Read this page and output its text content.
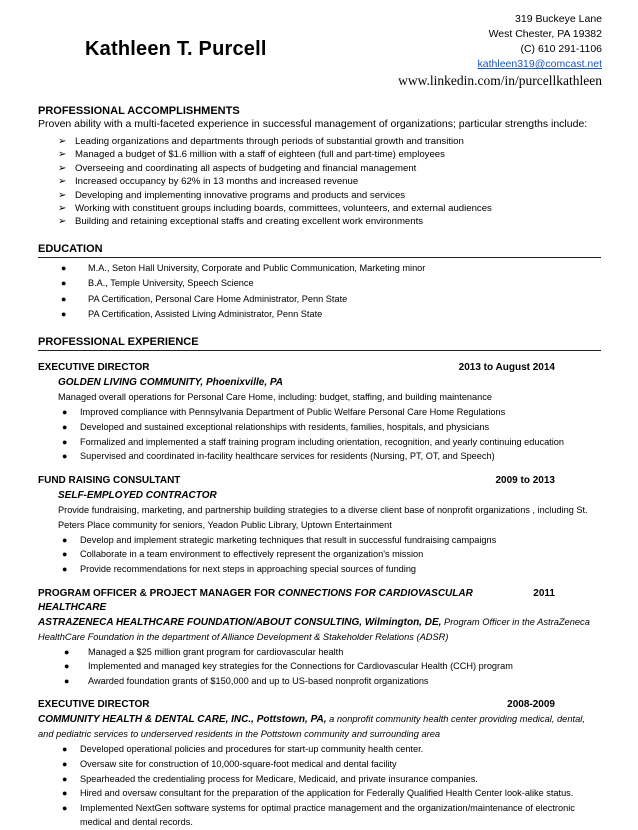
Kathleen T. Purcell
319 Buckeye Lane
West Chester, PA 19382
(C) 610 291-1106
kathleen319@comcast.net
www.linkedin.com/in/purcellkathleen
PROFESSIONAL ACCOMPLISHMENTS
Proven ability with a multi-faceted experience in successful management of organizations; particular strengths include:
➢ Leading organizations and departments through periods of substantial growth and transition
➢ Managed a budget of $1.6 million with a staff of eighteen (full and part-time) employees
➢ Overseeing and coordinating all aspects of budgeting and financial management
➢ Increased occupancy by 62% in 13 months and increased revenue
➢ Developing and implementing innovative programs and products and services
➢ Working with constituent groups including boards, committees, volunteers, and external audiences
➢ Building and retaining exceptional staffs and creating excellent work environments
EDUCATION
● M.A., Seton Hall University, Corporate and Public Communication, Marketing minor
● B.A., Temple University, Speech Science
● PA Certification, Personal Care Home Administrator, Penn State
● PA Certification, Assisted Living Administrator, Penn State
PROFESSIONAL EXPERIENCE
EXECUTIVE DIRECTOR	2013 to August 2014
GOLDEN LIVING COMMUNITY, Phoenixville, PA
Managed overall operations for Personal Care Home, including: budget, staffing, and building maintenance
● Improved compliance with Pennsylvania Department of Public Welfare Personal Care Home Regulations
● Developed and sustained exceptional relationships with residents, families, hospitals, and physicians
● Formalized and implemented a staff training program including orientation, recognition, and yearly continuing education
● Supervised and coordinated in-facility healthcare services for residents (Nursing, PT, OT, and Speech)
FUND RAISING CONSULTANT	2009 to 2013
SELF-EMPLOYED CONTRACTOR
Provide fundraising, marketing, and partnership building strategies to a diverse client base of nonprofit organizations , including St. Peters Place community for seniors, Yeadon Public Library, Uptown Entertainment
● Develop and implement strategic marketing techniques that result in successful fundraising campaigns
● Collaborate in a team environment to effectively represent the organization's mission
● Provide recommendations for next steps in approaching special sources of funding
PROGRAM OFFICER & PROJECT MANAGER FOR CONNECTIONS FOR CARDIOVASCULAR HEALTHCARE
2011
ASTRAZENECA HEALTHCARE FOUNDATION/ABOUT CONSULTING, Wilmington, DE, Program Officer in the AstraZeneca HealthCare Foundation in the department of Alliance Development & Stakeholder Relations (ADSR)
● Managed a $25 million grant program for cardiovascular health
● Implemented and managed key strategies for the Connections for Cardiovascular Health (CCH) program
● Awarded foundation grants of $150,000 and up to US-based nonprofit organizations
EXECUTIVE DIRECTOR	2008-2009
COMMUNITY HEALTH & DENTAL CARE, INC., Pottstown, PA, a nonprofit community health center providing medical, dental, and pediatric services to underserved residents in the Pottstown community and surrounding area
● Developed operational policies and procedures for start-up community health center.
● Oversaw site for construction of 10,000-square-foot medical and dental facility
● Spearheaded the credentialing process for Medicare, Medicaid, and private insurance companies.
● Hired and oversaw consultant for the preparation of the application for Federally Qualified Health Center look-alike status.
● Implemented NextGen software systems for optimal practice management and the organization/maintenance of electronic medical and dental records.
